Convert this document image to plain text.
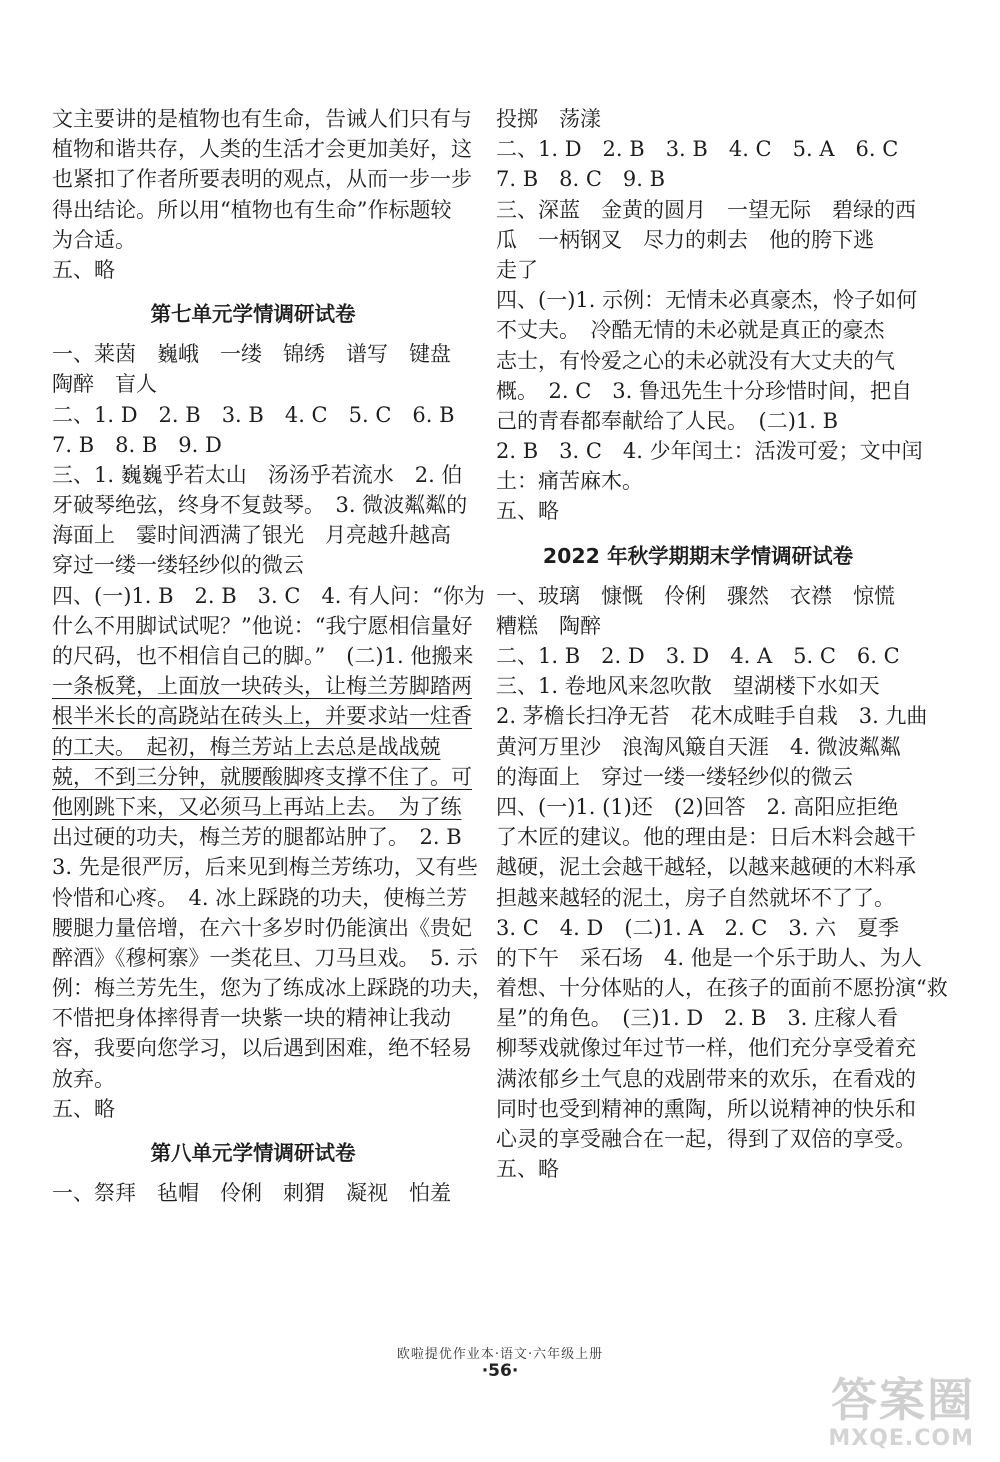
文主要讲的是植物也有生命，告诫人们只有与
植物和谐共存，人类的生活才会更加美好，这
也紧扣了作者所要表明的观点，从而一步一步
得出结论。所以用“植物也有生命”作标题较
为合适。
五、略
第七单元学情调研试卷
一、莱茵　巍峨　一缕　锦绣　谱写　键盘
陶醉　盲人
二、1. D　2. B　3. B　4. C　5. C　6. B
7. B　8. B　9. D
三、1. 巍巍乎若太山　汤汤乎若流水　2. 伯
牙破琴绝弦，终身不复鼓琴。　3. 微波粼粼的
海面上　霎时间洒满了银光　月亮越升越高
穿过一缕一缕轻纱似的微云
四、(一)1. B　2. B　3. C　4. 有人问：“你为
什么不用脚试试呢？”他说：“我宁愿相信量好
的尺码，也不相信自己的脚。”　(二)1. 他搬来
一条板凳，上面放一块砖头，让梅兰芳脚踏两
根半米长的高跷站在砖头上，并要求站一炷香
的工夫。　起初，梅兰芳站上去总是战战兢
兢，不到三分钟，就腰酸脚疼支撑不住了。可
他刚跳下来，又必须马上再站上去。　为了练
出过硬的功夫，梅兰芳的腿都站肿了。　2. B
3. 先是很严厉，后来见到梅兰芳练功，又有些
怜惜和心疼。　4. 冰上踩跷的功夫，使梅兰芳
腰腿力量倍增，在六十多岁时仍能演出《贵妃
醉酒》《穆柯寨》一类花旦、刀马旦戏。　5. 示
例：梅兰芳先生，您为了练成冰上踩跷的功夫，
不惜把身体摔得青一块紫一块的精神让我动
容，我要向您学习，以后遇到困难，绝不轻易
放弃。
五、略
第八单元学情调研试卷
一、祭拜　毡帽　伶俐　刺猬　凝视　怕羞
投掷　荡漾
二、1. D　2. B　3. B　4. C　5. A　6. C
7. B　8. C　9. B
三、深蓝　金黄的圆月　一望无际　碧绿的西
瓜　一柄钢叉　尽力的刺去　他的胯下逃
走了
四、(一)1. 示例：无情未必真豪杰，怜子如何
不丈夫。　冷酷无情的未必就是真正的豪杰
志士，有怜爱之心的未必就没有大丈夫的气
概。　2. C　3. 鲁迅先生十分珍惜时间，把自
己的青春都奉献给了人民。　(二)1. B
2. B　3. C　4. 少年闰土：活泼可爱；文中闰
土：痛苦麻木。
五、略
2022 年秋学期期末学情调研试卷
一、玻璃　慷慨　伶俐　骤然　衣襟　惊慌
糟糕　陶醉
二、1. B　2. D　3. D　4. A　5. C　6. C
三、1. 卷地风来忽吹散　望湖楼下水如天
2. 茅檐长扫净无苔　花木成畦手自栽　3. 九曲
黄河万里沙　浪淘风簸自天涯　4. 微波粼粼
的海面上　穿过一缕一缕轻纱似的微云
四、(一)1. (1)还　(2)回答　2. 高阳应拒绝
了木匠的建议。他的理由是：日后木料会越干
越硬，泥土会越干越轻，以越来越硬的木料承
担越来越轻的泥土，房子自然就坏不了了。
3. C　4. D　(二)1. A　2. C　3. 六　夏季
的下午　采石场　4. 他是一个乐于助人、为人
着想、十分体贴的人，在孩子的面前不愿扮演“救
星”的角色。　(三)1. D　2. B　3. 庄稼人看
柳琴戏就像过年过节一样，他们充分享受着充
满浓郁乡土气息的戏剧带来的欢乐，在看戏的
同时也受到精神的熏陶，所以说精神的快乐和
心灵的享受融合在一起，得到了双倍的享受。
五、略
欧啦提优作业本·语文·六年级上册
·56·
答案圈
MXQE.COM
